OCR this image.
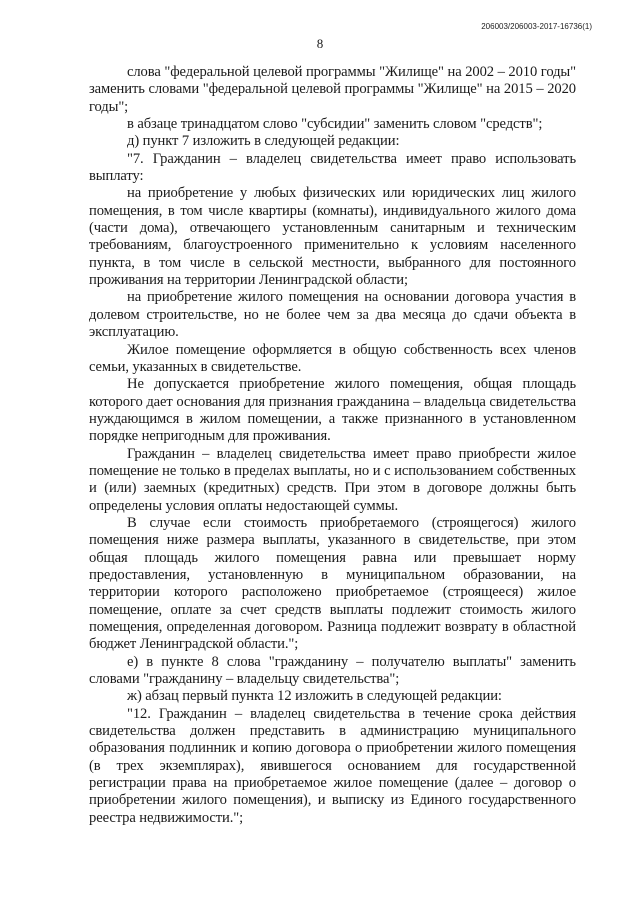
206003/206003-2017-16736(1)
8

слова "федеральной целевой программы "Жилище" на 2002 – 2010 годы" заменить словами "федеральной целевой программы "Жилище" на 2015 – 2020 годы";

в абзаце тринадцатом слово "субсидии" заменить словом "средств";

д) пункт 7 изложить в следующей редакции:

"7. Гражданин – владелец свидетельства имеет право использовать выплату:

на приобретение у любых физических или юридических лиц жилого помещения, в том числе квартиры (комнаты), индивидуального жилого дома (части дома), отвечающего установленным санитарным и техническим требованиям, благоустроенного применительно к условиям населенного пункта, в том числе в сельской местности, выбранного для постоянного проживания на территории Ленинградской области;

на приобретение жилого помещения на основании договора участия в долевом строительстве, но не более чем за два месяца до сдачи объекта в эксплуатацию.

Жилое помещение оформляется в общую собственность всех членов семьи, указанных в свидетельстве.

Не допускается приобретение жилого помещения, общая площадь которого дает основания для признания гражданина – владельца свидетельства нуждающимся в жилом помещении, а также признанного в установленном порядке непригодным для проживания.

Гражданин – владелец свидетельства имеет право приобрести жилое помещение не только в пределах выплаты, но и с использованием собственных и (или) заемных (кредитных) средств. При этом в договоре должны быть определены условия оплаты недостающей суммы.

В случае если стоимость приобретаемого (строящегося) жилого помещения ниже размера выплаты, указанного в свидетельстве, при этом общая площадь жилого помещения равна или превышает норму предоставления, установленную в муниципальном образовании, на территории которого расположено приобретаемое (строящееся) жилое помещение, оплате за счет средств выплаты подлежит стоимость жилого помещения, определенная договором. Разница подлежит возврату в областной бюджет Ленинградской области.";

е) в пункте 8 слова "гражданину – получателю выплаты" заменить словами "гражданину – владельцу свидетельства";

ж) абзац первый пункта 12 изложить в следующей редакции:

"12. Гражданин – владелец свидетельства в течение срока действия свидетельства должен представить в администрацию муниципального образования подлинник и копию договора о приобретении жилого помещения (в трех экземплярах), явившегося основанием для государственной регистрации права на приобретаемое жилое помещение (далее – договор о приобретении жилого помещения), и выписку из Единого государственного реестра недвижимости.";
